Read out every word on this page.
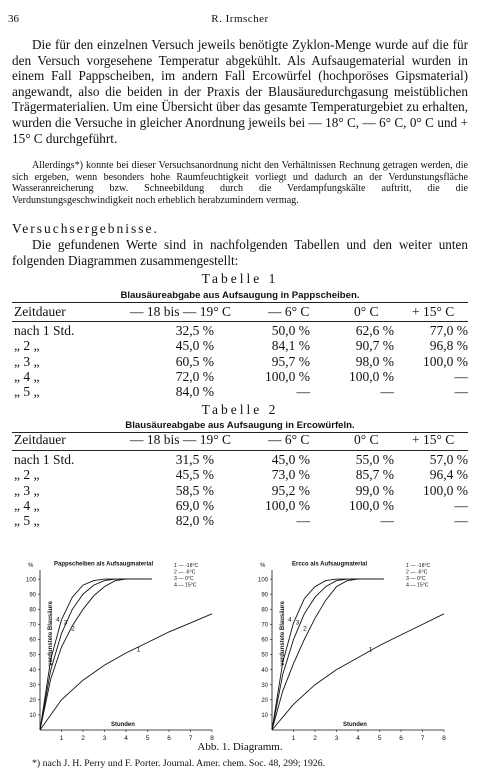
36	R. Irmscher
Die für den einzelnen Versuch jeweils benötigte Zyklon-Menge wurde auf die für den Versuch vorgesehene Temperatur abgekühlt. Als Aufsaugematerial wurden in einem Fall Pappscheiben, im andern Fall Ercowürfel (hochporöses Gipsmaterial) angewandt, also die beiden in der Praxis der Blausäuredurchgasung meistüblichen Trägermaterialien. Um eine Übersicht über das gesamte Temperaturgebiet zu erhalten, wurden die Versuche in gleicher Anordnung jeweils bei — 18° C, — 6° C, 0° C und + 15° C durchgeführt.
Allerdings*) konnte bei dieser Versuchsanordnung nicht den Verhältnissen Rechnung getragen werden, die sich ergeben, wenn besonders hohe Raumfeuchtigkeit vorliegt und dadurch an der Verdunstungsfläche Wasseranreicherung bzw. Schneebildung durch die Verdampfungskälte auftritt, die die Verdunstungsgeschwindigkeit noch erheblich herabzumindern vermag.
Versuchsergebnisse.
Die gefundenen Werte sind in nachfolgenden Tabellen und den weiter unten folgenden Diagrammen zusammengestellt:
Tabelle 1
Blausäureabgabe aus Aufsaugung in Pappscheiben.
Zeitdauer	— 18 bis — 19° C	— 6° C	0° C + 15° C
nach 1 Std.	32,5 %	50,0 %	62,6 %	77,0 %
„ 2 „	45,0 %	84,1 %	90,7 %	96,8 %
„ 3 „	60,5 %	95,7 %	98,0 % 100,0 %
„ 4 „	72,0 %	100,0 %	100,0 %	—
„ 5 „	84,0 %	—	—	—
Tabelle 2
Blausäureabgabe aus Aufsaugung in Ercowürfeln.
Zeitdauer	— 18 bis — 19° C	— 6° C	0° C + 15° C
nach 1 Std.	31,5 %	45,0 %	55,0 %	57,0 %
„ 2 „	45,5 %	73,0 %	85,7 %	96,4 %
„ 3 „	58,5 %	95,2 %	99,0 % 100,0 %
„ 4 „	69,0 %	100,0 %	100,0 %	—
„ 5 „	82,0 %	—	—	—
10
20
30
40
50
60
70
80
90
100
%
1	2	3	4	5	6	7	8
Stunden
verdunstete Blausäure
Pappscheiben als Aufsaugmaterial	1 — -18°C
2 — -6°C
3 — 0°C
4 — 15°C
1
2
3
4
10
20
30
40
50
60
70
80
90
100
%
1	2	3	4	5	6	7	8
Stunden
verdunstete Blausäure
Ercco als Aufsaugmaterial	1 — -18°C
2 — -6°C
3 — 0°C
4 — 15°C
1
2
3
4
Abb. 1. Diagramm.
*) nach J. H. Perry und F. Porter. Journal. Amer. chem. Soc. 48, 299; 1926.
